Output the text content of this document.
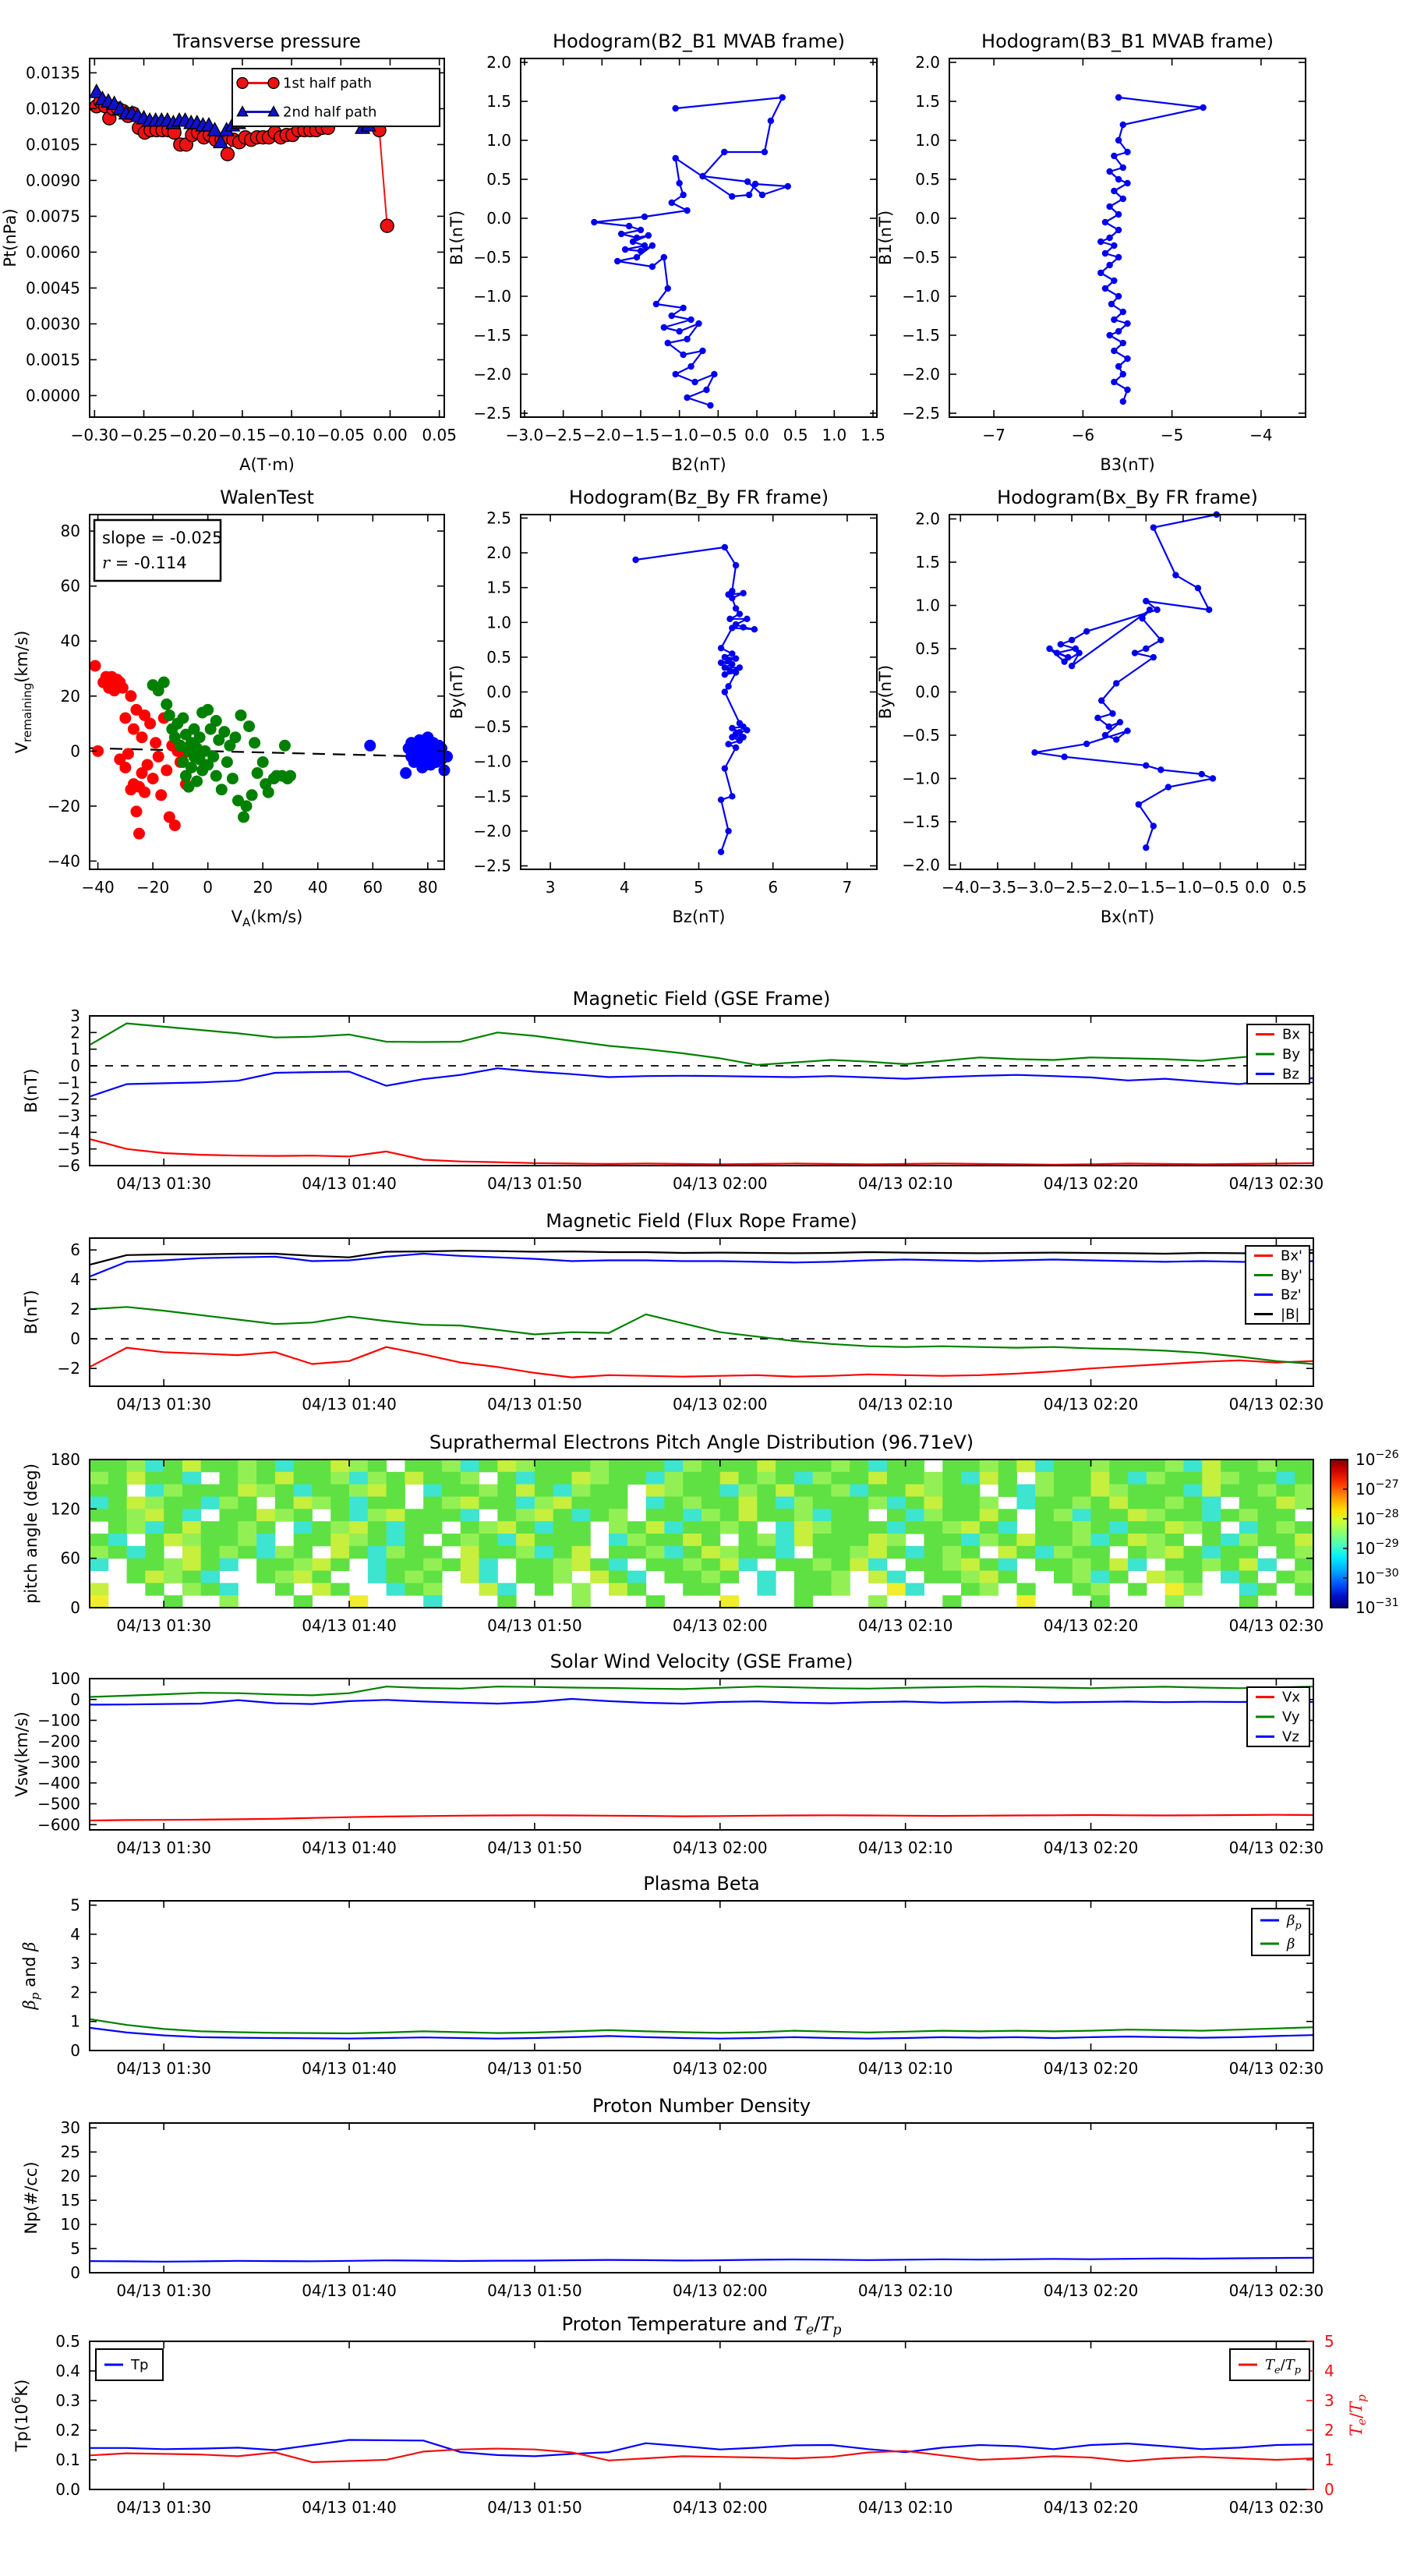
−0.30 −0.25 −0.20 −0.15 −0.10 −0.05 0.00 0.05
0.0000
0.0015
0.0030
0.0045
0.0060
0.0075
0.0090
0.0105
0.0120
0.0135
Transverse pressure
A(T·m)
Pt(nPa)
1st half path
2nd half path
−3.0 −2.5 −2.0 −1.5 −1.0 −0.5 0.0 0.5 1.0 1.5
2.0
1.5
1.0
0.5
0.0
−0.5
−1.0
−1.5
−2.0
−2.5
Hodogram(B2_B1 MVAB frame)
B2(nT)
B1(nT)
−7	−6	−5	−4
2.0
1.5
1.0
0.5
0.0
−0.5
−1.0
−1.5
−2.0
−2.5
Hodogram(B3_B1 MVAB frame)
B3(nT)
B1(nT)
−40 −20 0	20 40 60 80
−40
−20
0
20
40
60
80
WalenTest
$V_A(km/s)$
$V_{remaining}(km/s)$
slope = -0.025
r = -0.114
3	4	5	6	7
2.5
2.0
1.5
1.0
0.5
0.0
−0.5
−1.0
−1.5
−2.0
−2.5
Hodogram(Bz_By FR frame)
Bz(nT)
By(nT)
−4.0 −3.5 −3.0 −2.5 −2.0 −1.5 −1.0 −0.5 0.0 0.5
2.0
1.5
1.0
0.5
0.0
−0.5
−1.0
−1.5
−2.0
Hodogram(Bx_By FR frame)
Bx(nT)
By(nT)
04/13 01:30	04/13 01:40	04/13 01:50	04/13 02:00	04/13 02:10	04/13 02:20	04/13 02:30
3
2
1
0
−1
−2
−3
−4
−5
−6
Magnetic Field (GSE Frame)
B(nT)
Bx
By
Bz
04/13 01:30	04/13 01:40	04/13 01:50	04/13 02:00	04/13 02:10	04/13 02:20	04/13 02:30
6
4
2
0
−2
Magnetic Field (Flux Rope Frame)
B(nT)
Bx'
By'
Bz'
|B|
04/13 01:30	04/13 01:40	04/13 01:50	04/13 02:00	04/13 02:10	04/13 02:20	04/13 02:30
0
60
120
180
Suprathermal Electrons Pitch Angle Distribution (96.71eV)
pitch angle (deg)
$10^{-26}$
$10^{-27}$
$10^{-28}$
$10^{-29}$
$10^{-30}$
$10^{-31}$
04/13 01:30	04/13 01:40	04/13 01:50	04/13 02:00	04/13 02:10	04/13 02:20	04/13 02:30
100
0
−100
−200
−300
−400
−500
−600
Solar Wind Velocity (GSE Frame)
Vsw(km/s)
Vx
Vy
Vz
04/13 01:30	04/13 01:40	04/13 01:50	04/13 02:00	04/13 02:10	04/13 02:20	04/13 02:30
0
1
2
3
4
5
Plasma Beta
$\beta_p$ and β
$\beta_p$
β
04/13 01:30	04/13 01:40	04/13 01:50	04/13 02:00	04/13 02:10	04/13 02:20	04/13 02:30
0
5
10
15
20
25
30
Proton Number Density
Np(#/cc)
04/13 01:30	04/13 01:40	04/13 01:50	04/13 02:00	04/13 02:10	04/13 02:20	04/13 02:30
0.0
0.1
0.2
0.3
0.4
0.5	5
4
3
2
1
0
$T_e/T_p$
Proton Temperature and $T_e/T_p$
$Tp(10^6K)$
Tp	$T_e/T_p$
